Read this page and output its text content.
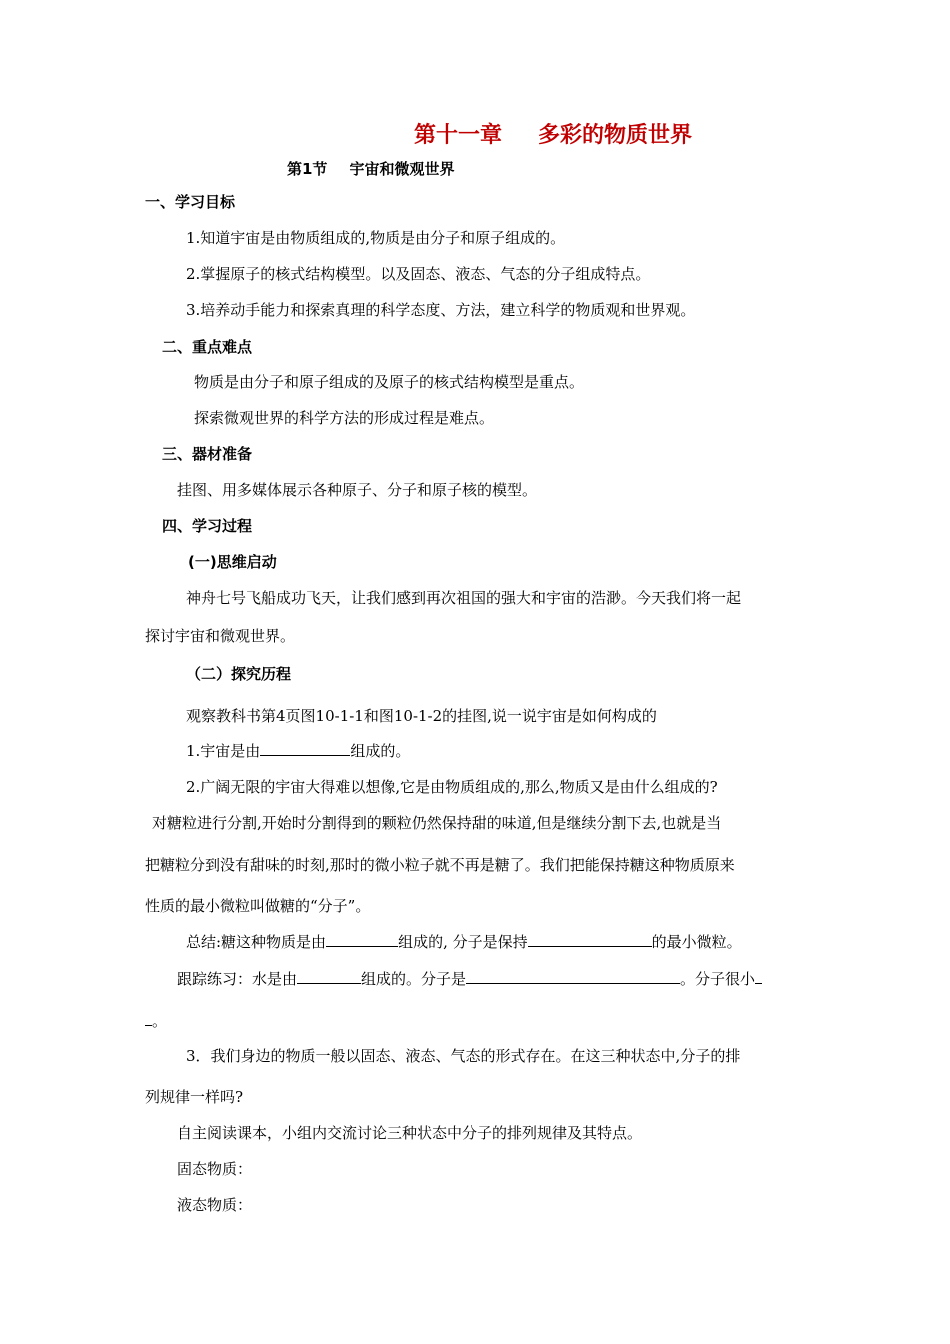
第十一章 多彩的物质世界
第1节 宇宙和微观世界
一、学习目标
1.知道宇宙是由物质组成的,物质是由分子和原子组成的。
2.掌握原子的核式结构模型。以及固态、液态、气态的分子组成特点。
3.培养动手能力和探索真理的科学态度、方法，建立科学的物质观和世界观。
二、重点难点
物质是由分子和原子组成的及原子的核式结构模型是重点。
探索微观世界的科学方法的形成过程是难点。
三、器材准备
挂图、用多媒体展示各种原子、分子和原子核的模型。
四、学习过程
(一)思维启动
神舟七号飞船成功飞天，让我们感到再次祖国的强大和宇宙的浩渺。今天我们将一起
探讨宇宙和微观世界。
（二）探究历程
观察教科书第4页图10-1-1和图10-1-2的挂图,说一说宇宙是如何构成的
1.宇宙是由	组成的。
2.广阔无限的宇宙大得难以想像,它是由物质组成的,那么,物质又是由什么组成的?
对糖粒进行分割,开始时分割得到的颗粒仍然保持甜的味道,但是继续分割下去,也就是当
把糖粒分到没有甜味的时刻,那时的微小粒子就不再是糖了。我们把能保持糖这种物质原来
性质的最小微粒叫做糖的“分子”。
总结:糖这种物质是由	组成的, 分子是保持	的最小微粒。
跟踪练习：水是由	组成的。分子是	。分子很小
。
3．我们身边的物质一般以固态、液态、气态的形式存在。在这三种状态中,分子的排
列规律一样吗?
自主阅读课本，小组内交流讨论三种状态中分子的排列规律及其特点。
固态物质：
液态物质：
